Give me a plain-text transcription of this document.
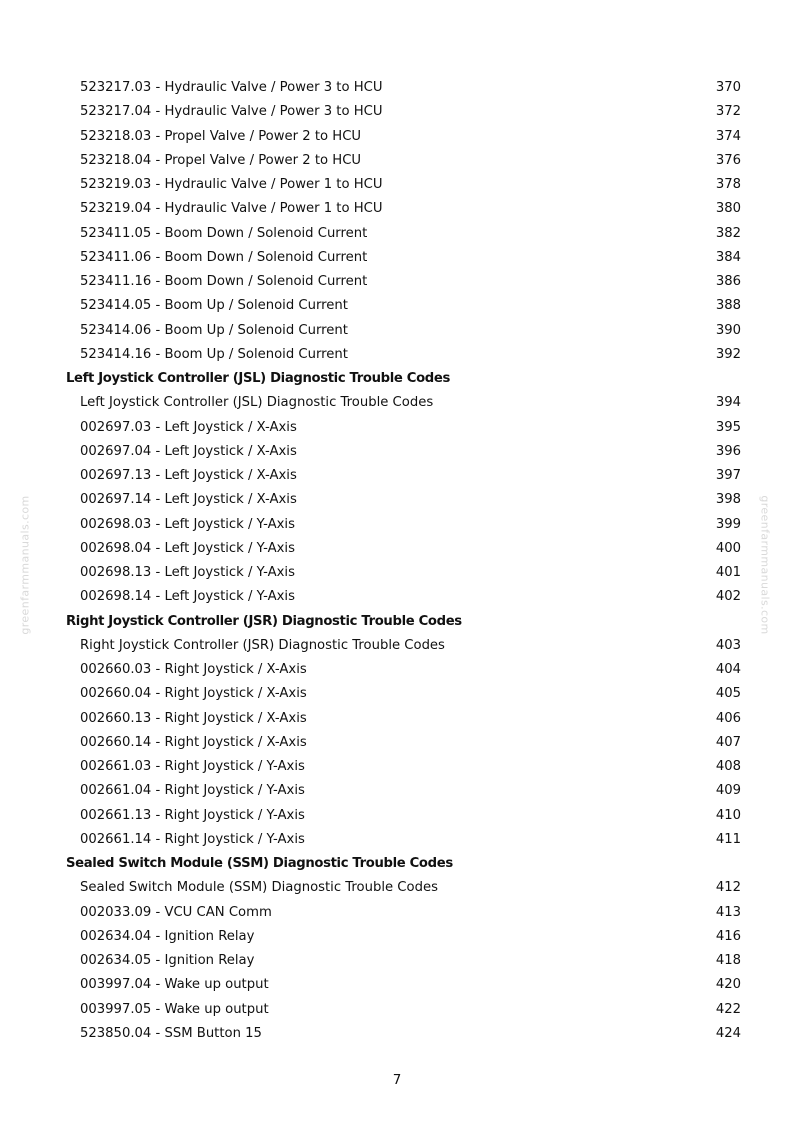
523217.03 - Hydraulic Valve / Power 3 to HCU	370
523217.04 - Hydraulic Valve / Power 3 to HCU	372
523218.03 - Propel Valve / Power 2 to HCU	374
523218.04 - Propel Valve / Power 2 to HCU	376
523219.03 - Hydraulic Valve / Power 1 to HCU	378
523219.04 - Hydraulic Valve / Power 1 to HCU	380
523411.05 - Boom Down / Solenoid Current	382
523411.06 - Boom Down / Solenoid Current	384
523411.16 - Boom Down / Solenoid Current	386
523414.05 - Boom Up / Solenoid Current	388
523414.06 - Boom Up / Solenoid Current	390
523414.16 - Boom Up / Solenoid Current	392
Left Joystick Controller (JSL) Diagnostic Trouble Codes
Left Joystick Controller (JSL) Diagnostic Trouble Codes	394
002697.03 - Left Joystick / X-Axis	395
002697.04 - Left Joystick / X-Axis	396
002697.13 - Left Joystick / X-Axis	397
002697.14 - Left Joystick / X-Axis	398
002698.03 - Left Joystick / Y-Axis	399
002698.04 - Left Joystick / Y-Axis	400
002698.13 - Left Joystick / Y-Axis	401
002698.14 - Left Joystick / Y-Axis	402
Right Joystick Controller (JSR) Diagnostic Trouble Codes
Right Joystick Controller (JSR) Diagnostic Trouble Codes	403
002660.03 - Right Joystick / X-Axis	404
002660.04 - Right Joystick / X-Axis	405
002660.13 - Right Joystick / X-Axis	406
002660.14 - Right Joystick / X-Axis	407
002661.03 - Right Joystick / Y-Axis	408
002661.04 - Right Joystick / Y-Axis	409
002661.13 - Right Joystick / Y-Axis	410
002661.14 - Right Joystick / Y-Axis	411
Sealed Switch Module (SSM) Diagnostic Trouble Codes
Sealed Switch Module (SSM) Diagnostic Trouble Codes	412
002033.09 - VCU CAN Comm	413
002634.04 - Ignition Relay	416
002634.05 - Ignition Relay	418
003997.04 - Wake up output	420
003997.05 - Wake up output	422
523850.04 - SSM Button 15	424
greenfarmmanuals.com	greenfarmmanuals.com
7
